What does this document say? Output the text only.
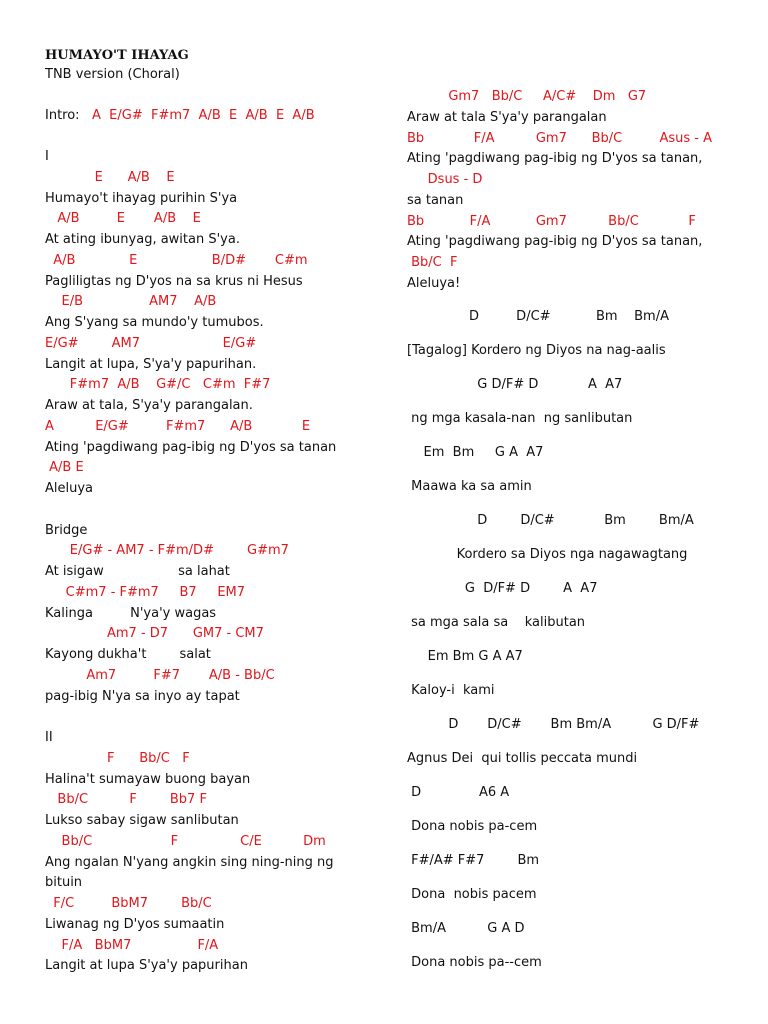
HUMAYO'T IHAYAG
TNB version (Choral)
Intro: A  E/G#  F#m7  A/B  E  A/B  E  A/B
I
E      A/B    E
Humayo't ihayag purihin S'ya
A/B         E       A/B    E
At ating ibunyag, awitan S'ya.
A/B             E                  B/D#       C#m
Pagliligtas ng D'yos na sa krus ni Hesus
E/B                AM7    A/B
Ang S'yang sa mundo'y tumubos.
E/G#        AM7                    E/G#
Langit at lupa, S'ya'y papurihan.
F#m7  A/B    G#/C   C#m  F#7
Araw at tala, S'ya'y parangalan.
A          E/G#         F#m7      A/B            E
Ating 'pagdiwang pag-ibig ng D'yos sa tanan
A/B E
Aleluya
Bridge
E/G# - AM7 - F#m/D#        G#m7
At isigaw                  sa lahat
C#m7 - F#m7     B7     EM7
Kalinga         N'ya'y wagas
Am7 - D7      GM7 - CM7
Kayong dukha't        salat
Am7         F#7       A/B - Bb/C
pag-ibig N'ya sa inyo ay tapat
II
F      Bb/C   F
Halina't sumayaw buong bayan
Bb/C          F        Bb7 F
Lukso sabay sigaw sanlibutan
Bb/C                   F               C/E          Dm
Ang ngalan N'yang angkin sing ning-ning ng
bituin
F/C         BbM7        Bb/C
Liwanag ng D'yos sumaatin
F/A   BbM7                F/A
Langit at lupa S'ya'y papurihan
Gm7   Bb/C     A/C#    Dm   G7
Araw at tala S'ya'y parangalan
Bb            F/A          Gm7      Bb/C         Asus - A
Ating 'pagdiwang pag-ibig ng D'yos sa tanan,
Dsus - D
sa tanan
Bb           F/A           Gm7          Bb/C            F
Ating 'pagdiwang pag-ibig ng D'yos sa tanan,
Bb/C  F
Aleluya!
D         D/C#           Bm    Bm/A
[Tagalog] Kordero ng Diyos na nag-aalis
G D/F# D            A  A7
ng mga kasala-nan  ng sanlibutan
Em  Bm     G A  A7
Maawa ka sa amin
D        D/C#            Bm        Bm/A
Kordero sa Diyos nga nagawagtang
G  D/F# D        A  A7
sa mga sala sa    kalibutan
Em Bm G A A7
Kaloy-i  kami
D       D/C#       Bm Bm/A          G D/F#
Agnus Dei  qui tollis peccata mundi
D              A6 A
Dona nobis pa-cem
F#/A# F#7        Bm
Dona  nobis pacem
Bm/A          G A D
Dona nobis pa--cem
